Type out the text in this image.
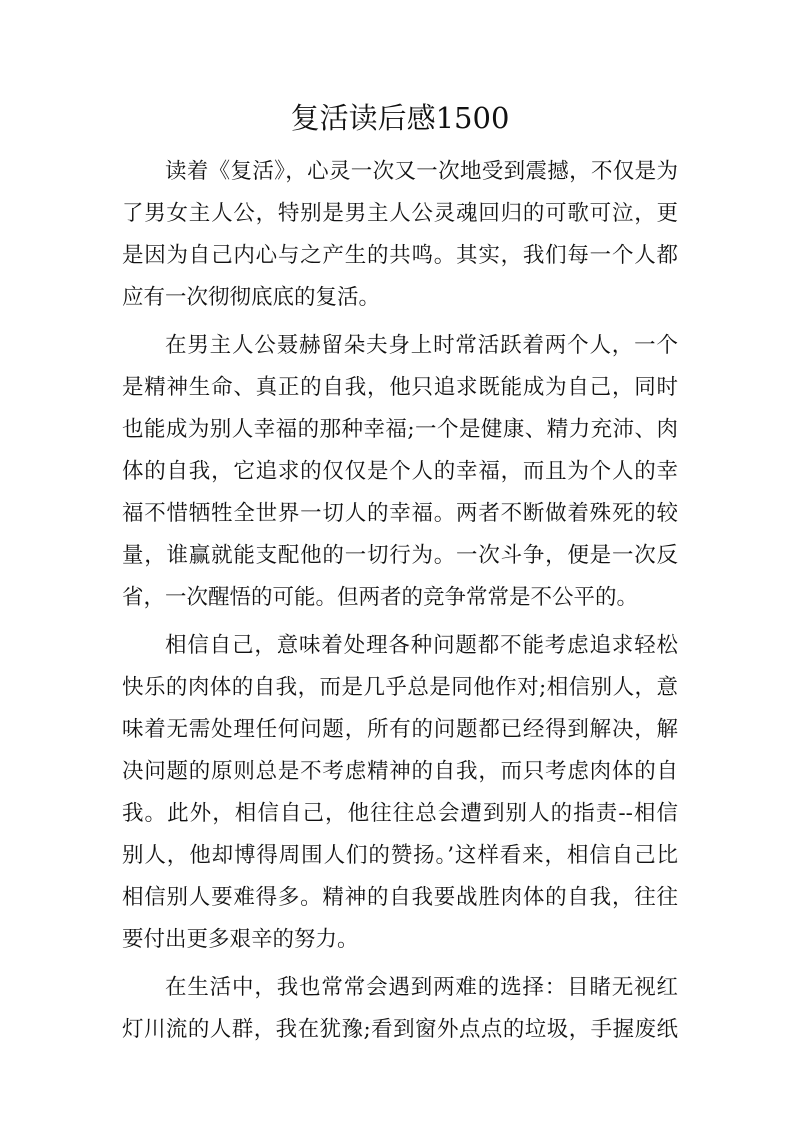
复活读后感1500
读着《复活》，心灵一次又一次地受到震撼，不仅是为
了男女主人公，特别是男主人公灵魂回归的可歌可泣，更
是因为自己内心与之产生的共鸣。其实，我们每一个人都
应有一次彻彻底底的复活。
在男主人公聂赫留朵夫身上时常活跃着两个人，一个
是精神生命、真正的自我，他只追求既能成为自己，同时
也能成为别人幸福的那种幸福;一个是健康、精力充沛、肉
体的自我，它追求的仅仅是个人的幸福，而且为个人的幸
福不惜牺牲全世界一切人的幸福。两者不断做着殊死的较
量，谁赢就能支配他的一切行为。一次斗争，便是一次反
省，一次醒悟的可能。但两者的竞争常常是不公平的。
相信自己，意味着处理各种问题都不能考虑追求轻松
快乐的肉体的自我，而是几乎总是同他作对;相信别人，意
味着无需处理任何问题，所有的问题都已经得到解决，解
决问题的原则总是不考虑精神的自我，而只考虑肉体的自
我。此外，相信自己，他往往总会遭到别人的指责--相信
别人，他却博得周围人们的赞扬。’这样看来，相信自己比
相信别人要难得多。精神的自我要战胜肉体的自我，往往
要付出更多艰辛的努力。
在生活中，我也常常会遇到两难的选择：目睹无视红
灯川流的人群，我在犹豫;看到窗外点点的垃圾，手握废纸
